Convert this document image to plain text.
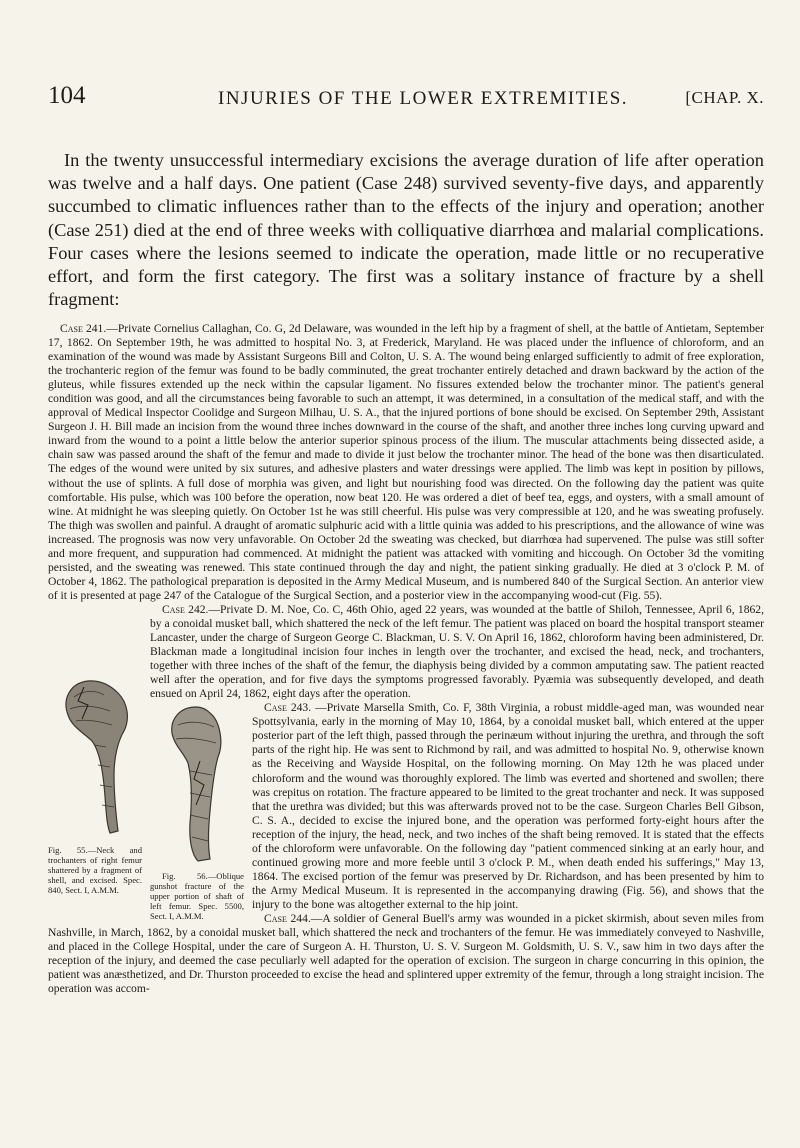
104	INJURIES OF THE LOWER EXTREMITIES.	[CHAP. X.
In the twenty unsuccessful intermediary excisions the average duration of life after operation was twelve and a half days. One patient (Case 248) survived seventy-five days, and apparently succumbed to climatic influences rather than to the effects of the injury and operation; another (Case 251) died at the end of three weeks with colliquative diarrhœa and malarial complications. Four cases where the lesions seemed to indicate the operation, made little or no recuperative effort, and form the first category. The first was a solitary instance of fracture by a shell fragment:

Case 241.—Private Cornelius Callaghan, Co. G, 2d Delaware, was wounded in the left hip by a fragment of shell, at the battle of Antietam, September 17, 1862. On September 19th, he was admitted to hospital No. 3, at Frederick, Maryland. He was placed under the influence of chloroform, and an examination of the wound was made by Assistant Surgeons Bill and Colton, U. S. A. The wound being enlarged sufficiently to admit of free exploration, the trochanteric region of the femur was found to be badly comminuted, the great trochanter entirely detached and drawn backward by the action of the gluteus, while fissures extended up the neck within the capsular ligament. No fissures extended below the trochanter minor. The patient's general condition was good, and all the circumstances being favorable to such an attempt, it was determined, in a consultation of the medical staff, and with the approval of Medical Inspector Coolidge and Surgeon Milhau, U. S. A., that the injured portions of bone should be excised. On September 29th, Assistant Surgeon J. H. Bill made an incision from the wound three inches downward in the course of the shaft, and another three inches long curving upward and inward from the wound to a point a little below the anterior superior spinous process of the ilium. The muscular attachments being dissected aside, a chain saw was passed around the shaft of the femur and made to divide it just below the trochanter minor. The head of the bone was then disarticulated. The edges of the wound were united by six sutures, and adhesive plasters and water dressings were applied. The limb was kept in position by pillows, without the use of splints. A full dose of morphia was given, and light but nourishing food was directed. On the following day the patient was quite comfortable. His pulse, which was 100 before the operation, now beat 120. He was ordered a diet of beef tea, eggs, and oysters, with a small amount of wine. At midnight he was sleeping quietly. On October 1st he was still cheerful. His pulse was very compressible at 120, and he was sweating profusely. The thigh was swollen and painful. A draught of aromatic sulphuric acid with a little quinia was added to his prescriptions, and the allowance of wine was increased. The prognosis was now very unfavorable. On October 2d the sweating was checked, but diarrhœa had supervened. The pulse was still softer and more frequent, and suppuration had commenced. At midnight the patient was attacked with vomiting and hiccough. On October 3d the vomiting persisted, and the sweating was renewed. This state continued through the day and night, the patient sinking gradually. He died at 3 o'clock P. M. of October 4, 1862. The pathological preparation is deposited in the Army Medical Museum, and is numbered 840 of the Surgical Section. An anterior view of it is presented at page 247 of the Catalogue of the Surgical Section, and a posterior view in the accompanying wood-cut (Fig. 55).

Fig. 55.—Neck and trochanters of right femur shattered by a fragment of shell, and excised. Spec. 840, Sect. I, A.M.M.

Case 242.—Private D. M. Noe, Co. C, 46th Ohio, aged 22 years, was wounded at the battle of Shiloh, Tennessee, April 6, 1862, by a conoidal musket ball, which shattered the neck of the left femur. The patient was placed on board the hospital transport steamer Lancaster, under the charge of Surgeon George C. Blackman, U. S. V. On April 16, 1862, chloroform having been administered, Dr. Blackman made a longitudinal incision four inches in length over the trochanter, and excised the head, neck, and trochanters, together with three inches of the shaft of the femur, the diaphysis being divided by a common amputating saw. The patient reacted well after the operation, and for five days the symptoms progressed favorably. Pyæmia was subsequently developed, and death ensued on April 24, 1862, eight days after the operation.

Case 243.
Fig. 56.—Oblique gunshot fracture of the upper portion of shaft of left femur. Spec. 5500, Sect. I, A.M.M.
—Private Marsella Smith, Co. F, 38th Virginia, a robust middle-aged man, was wounded near Spottsylvania, early in the morning of May 10, 1864, by a conoidal musket ball, which entered at the upper posterior part of the left thigh, passed through the perinæum without injuring the urethra, and through the soft parts of the right hip. He was sent to Richmond by rail, and was admitted to hospital No. 9, otherwise known as the Receiving and Wayside Hospital, on the following morning. On May 12th he was placed under chloroform and the wound was thoroughly explored. The limb was everted and shortened and swollen; there was crepitus on rotation. The fracture appeared to be limited to the great trochanter and neck. It was supposed that the urethra was divided; but this was afterwards proved not to be the case. Surgeon Charles Bell Gibson, C. S. A., decided to excise the injured bone, and the operation was performed forty-eight hours after the reception of the injury, the head, neck, and two inches of the shaft being removed. It is stated that the effects of the chloroform were unfavorable. On the following day "patient commenced sinking at an early hour, and continued growing more and more feeble until 3 o'clock P. M., when death ended his sufferings," May 13, 1864. The excised portion of the femur was preserved by Dr. Richardson, and has been presented by him to the Army Medical Museum. It is represented in the accompanying drawing (Fig. 56), and shows that the injury to the bone was altogether external to the hip joint.

Case 244.—A soldier of General Buell's army was wounded in a picket skirmish, about seven miles from Nashville, in March, 1862, by a conoidal musket ball, which shattered the neck and trochanters of the femur. He was immediately conveyed to Nashville, and placed in the College Hospital, under the care of Surgeon A. H. Thurston, U. S. V. Surgeon M. Goldsmith, U. S. V., saw him in two days after the reception of the injury, and deemed the case peculiarly well adapted for the operation of excision. The surgeon in charge concurring in this opinion, the patient was anæsthetized, and Dr. Thurston proceeded to excise the head and splintered upper extremity of the femur, through a long straight incision. The operation was accom-
